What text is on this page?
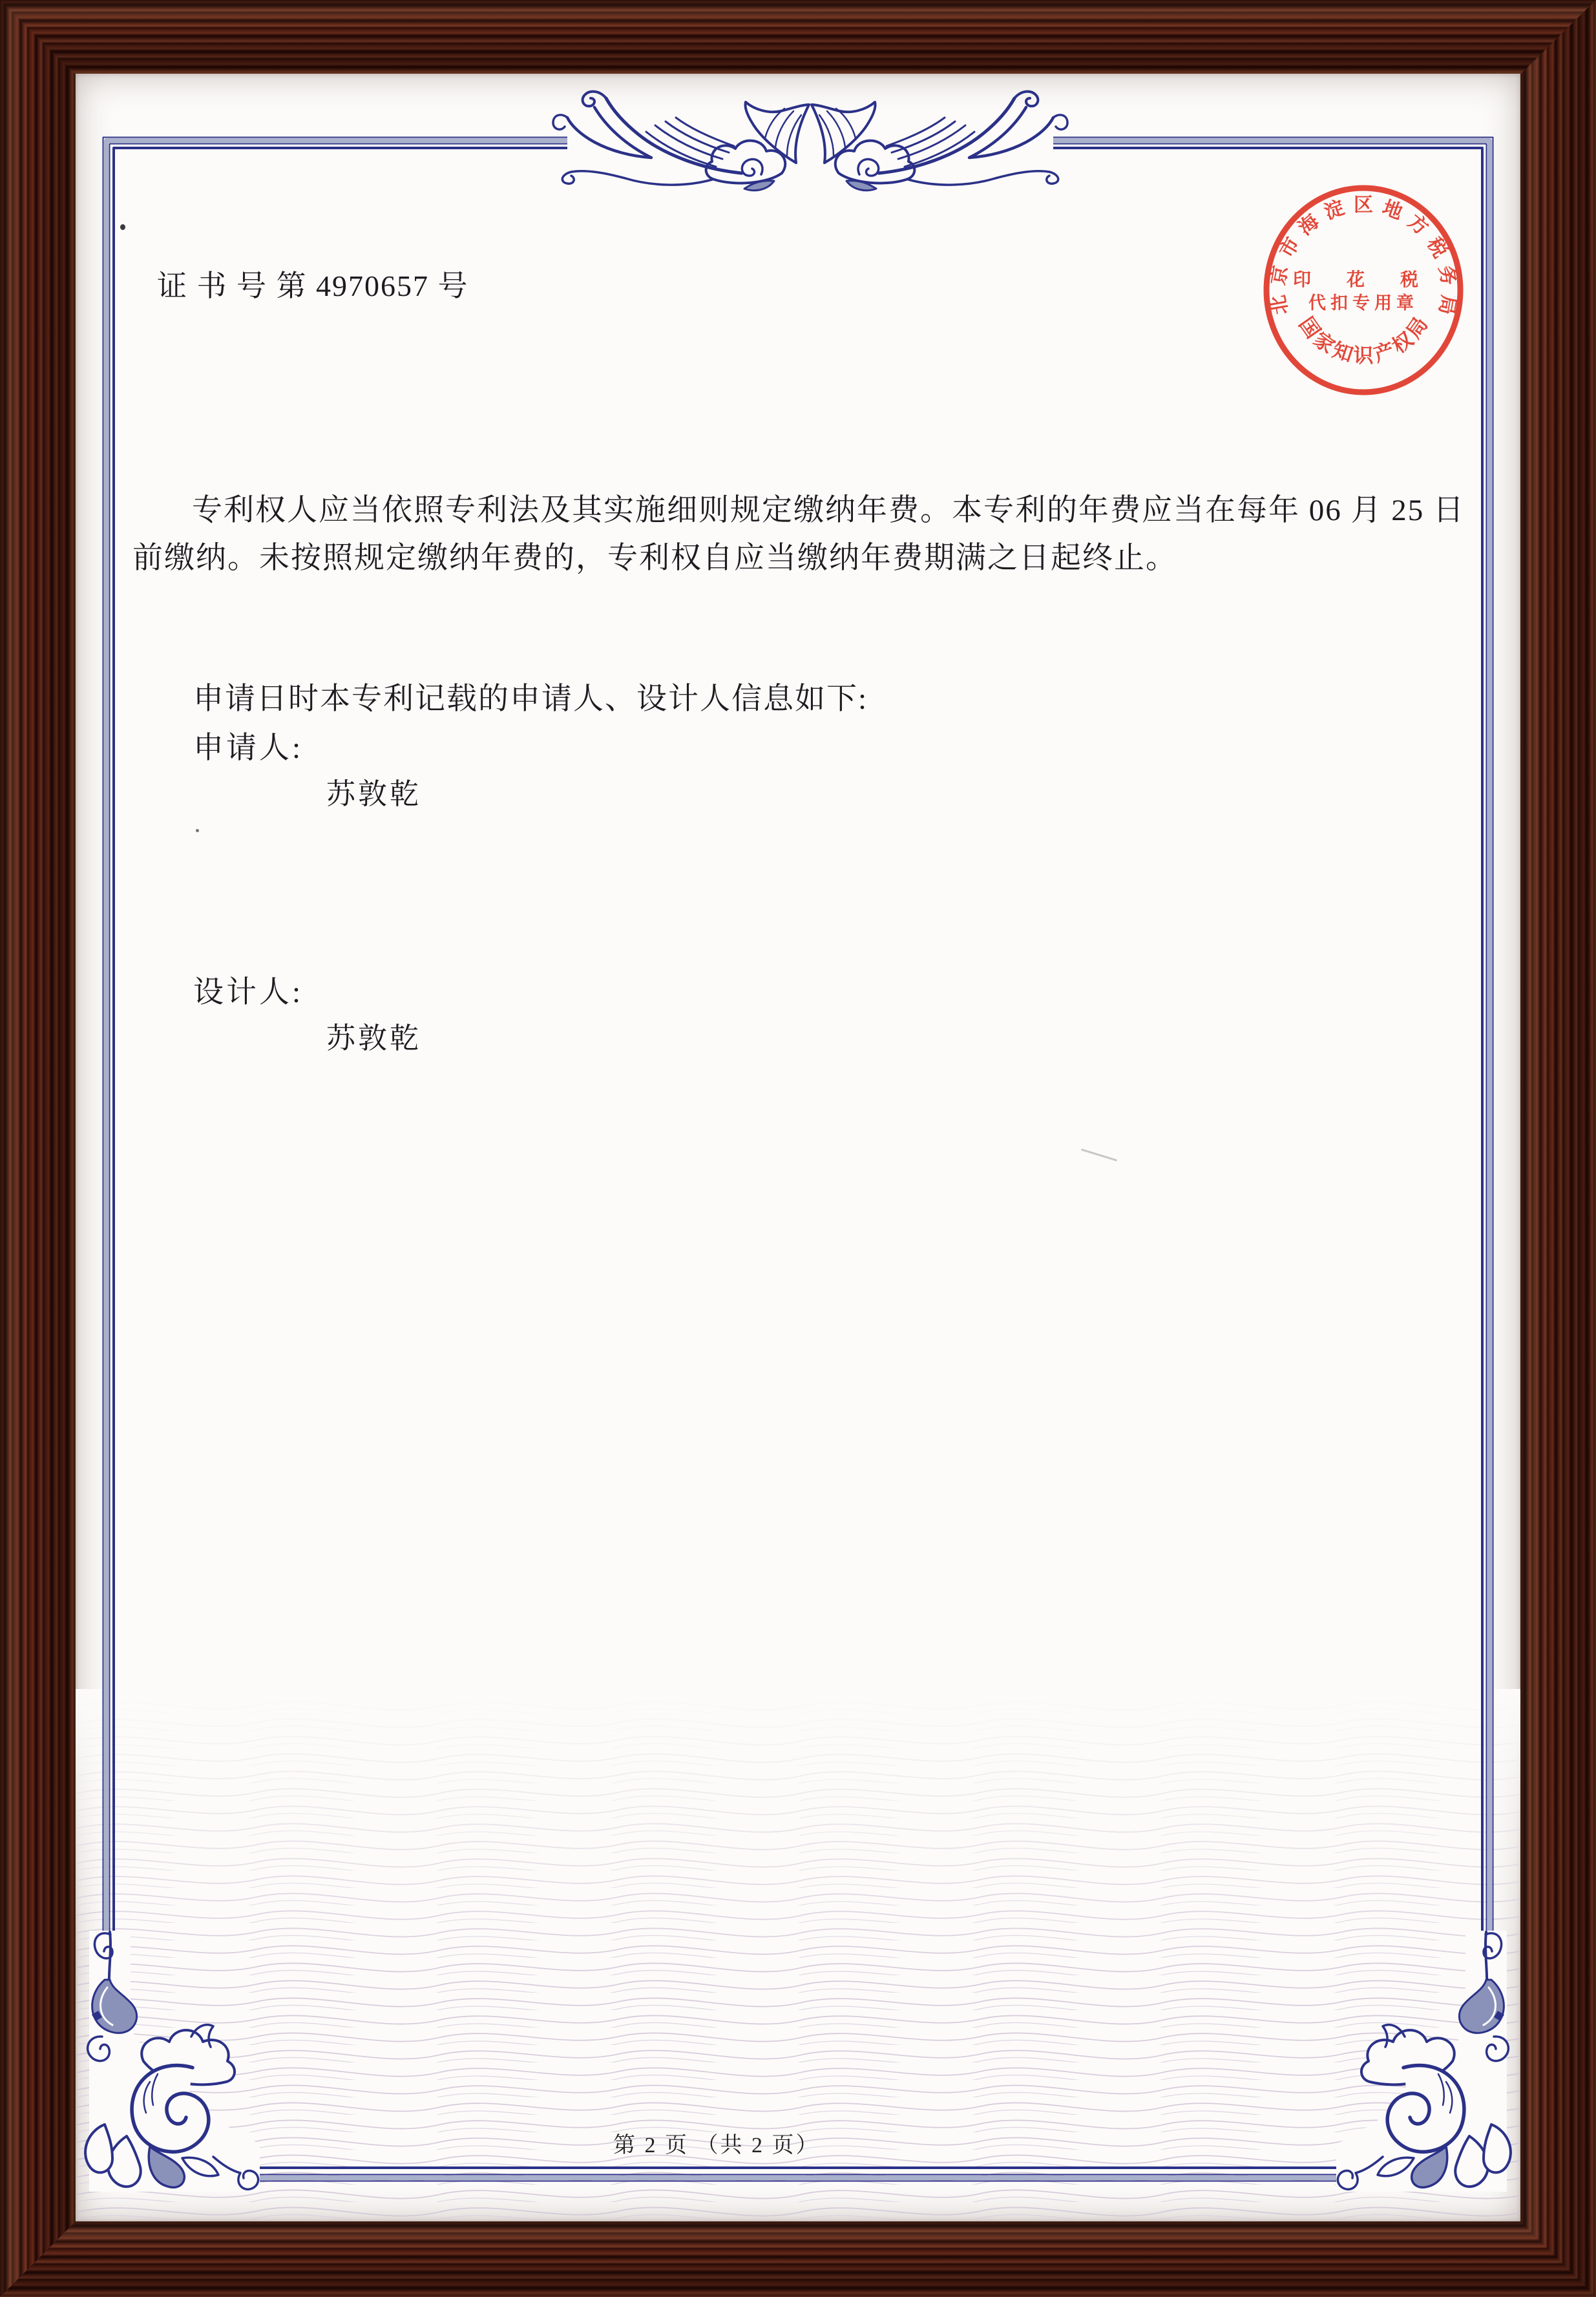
证 书 号 第 4970657 号
专利权人应当依照专利法及其实施细则规定缴纳年费。本专利的年费应当在每年 06 月 25 日
前缴纳。未按照规定缴纳年费的，专利权自应当缴纳年费期满之日起终止。
申请日时本专利记载的申请人、设计人信息如下:
申请人:
苏敦乾
设计人:
苏敦乾
第 2 页 （共 2 页）
北
京
市
海
淀 区 地
方
税
务
局
国
家
知
识
产
权
局
印 花 税
代扣专用章
